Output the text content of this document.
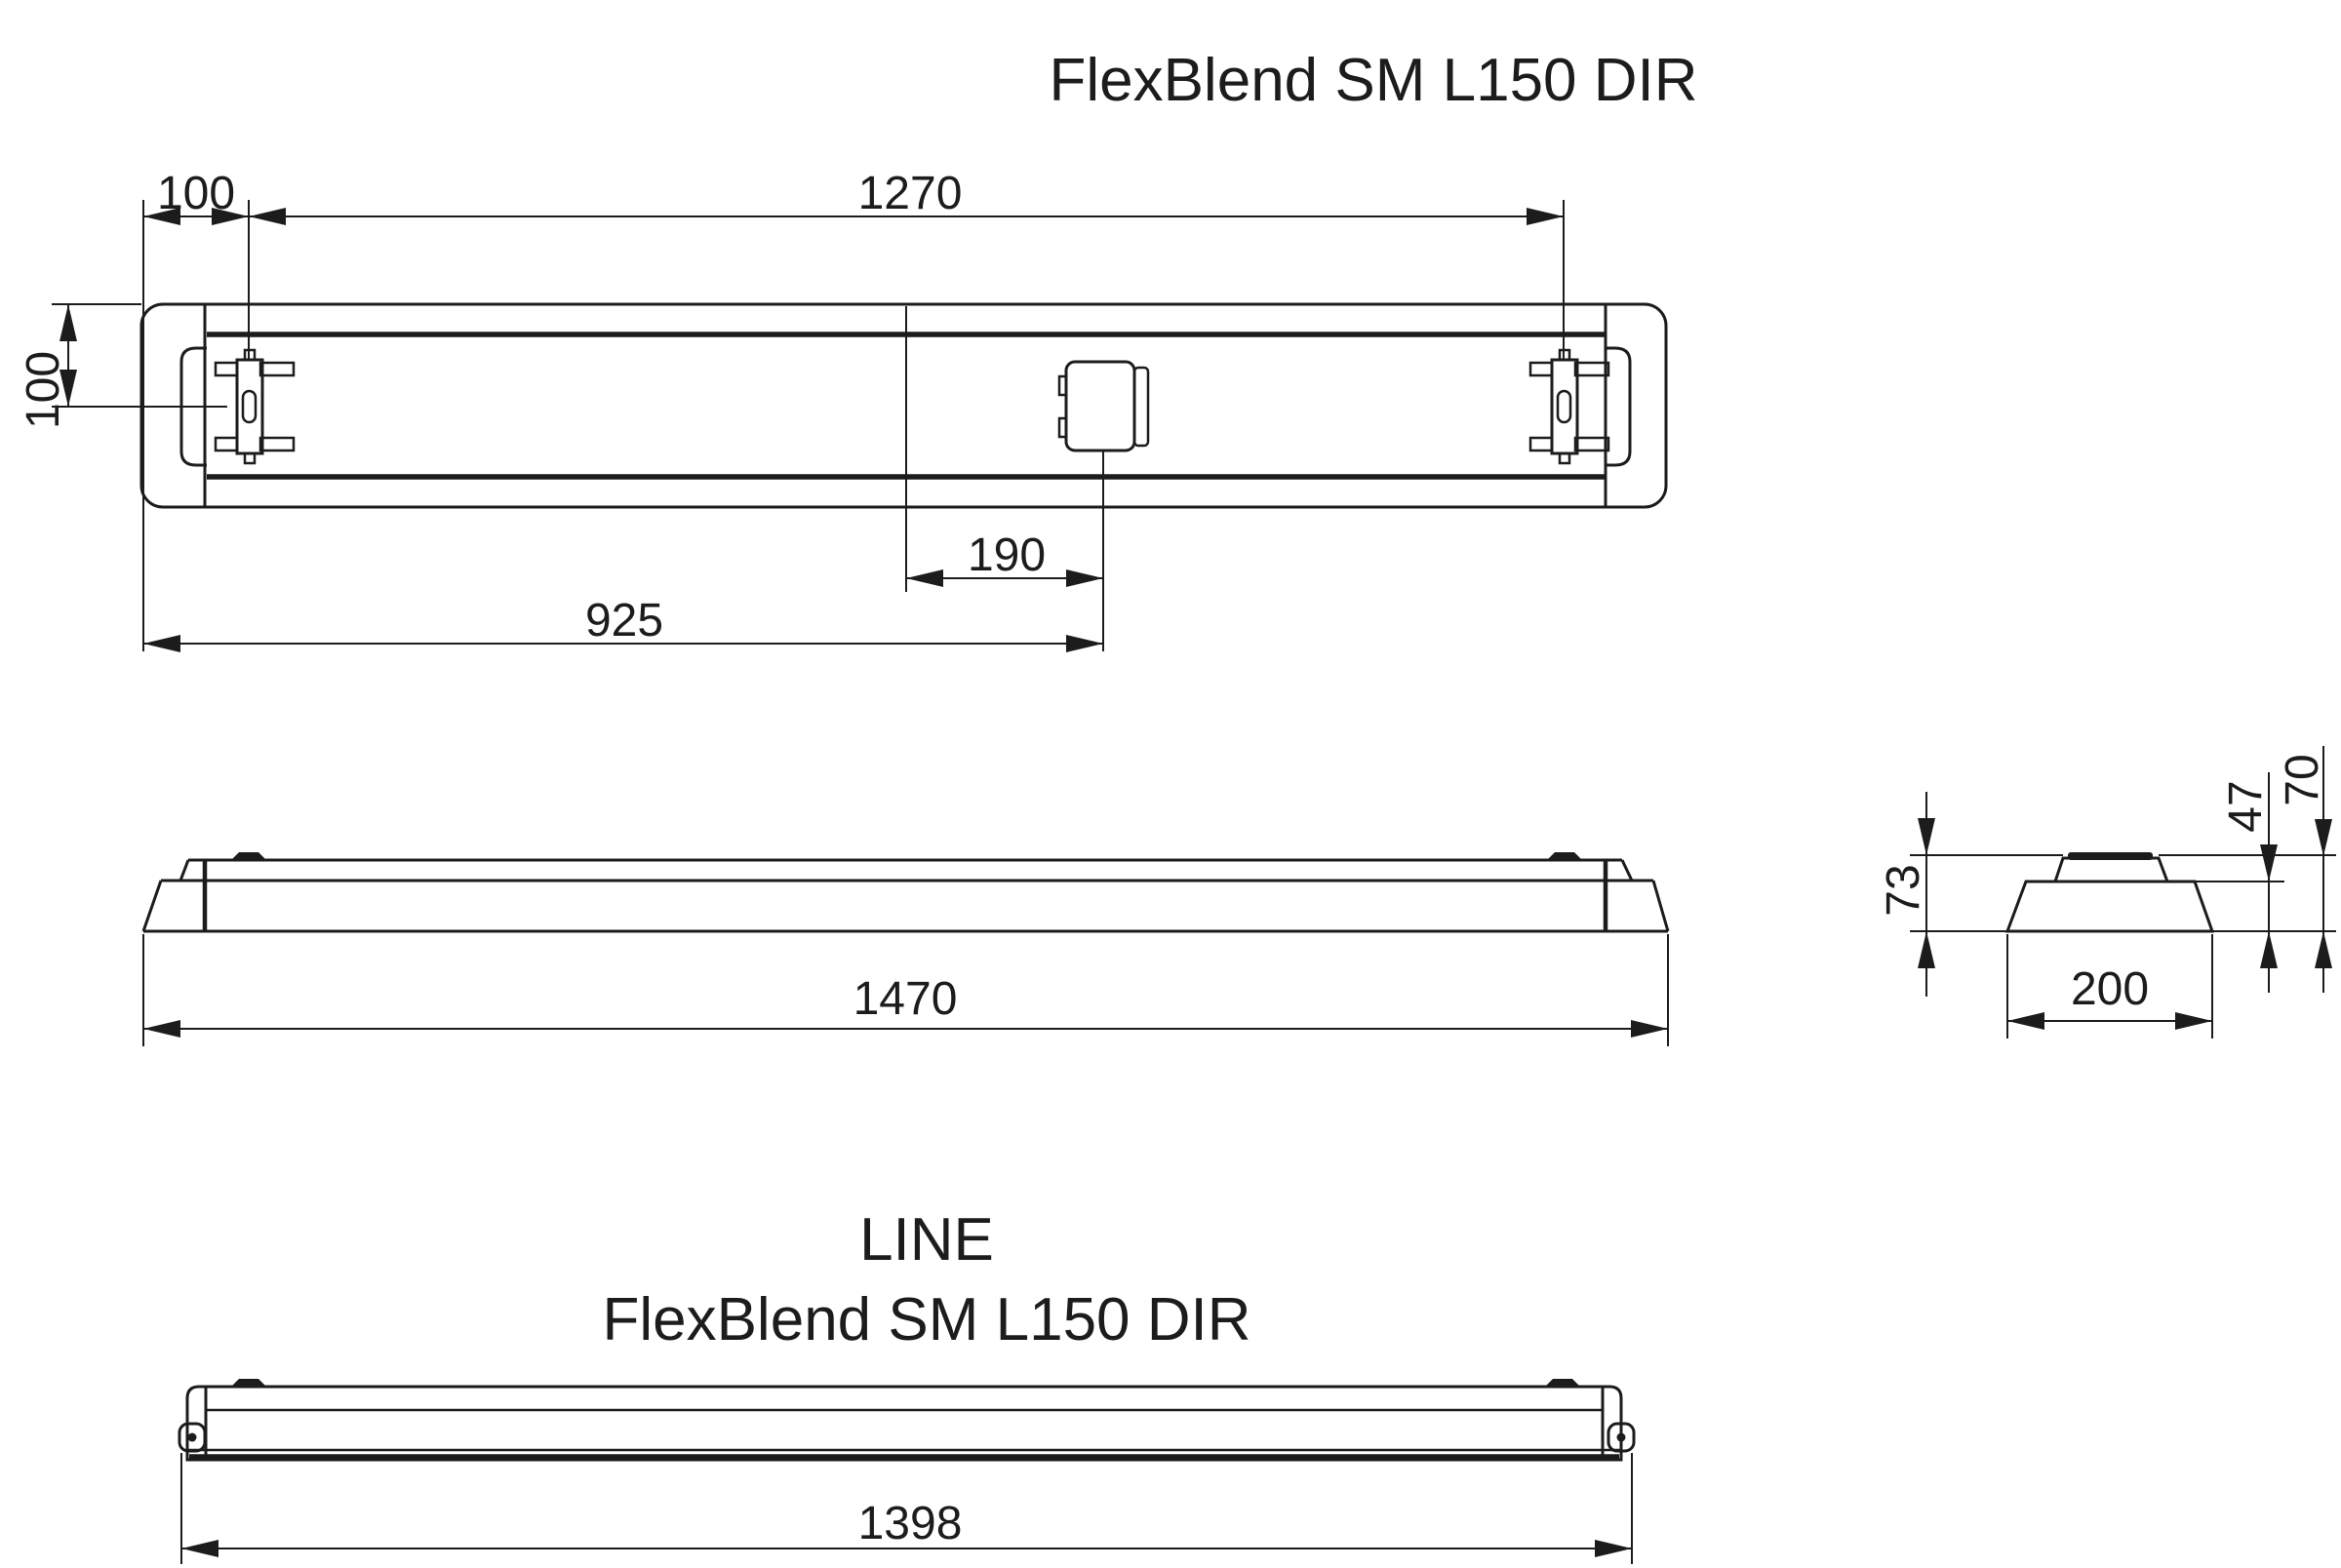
FlexBlend SM L150 DIR
100	1270
100
190
925
1470
73
47
70
200
LINE
FlexBlend SM L150 DIR
1398
